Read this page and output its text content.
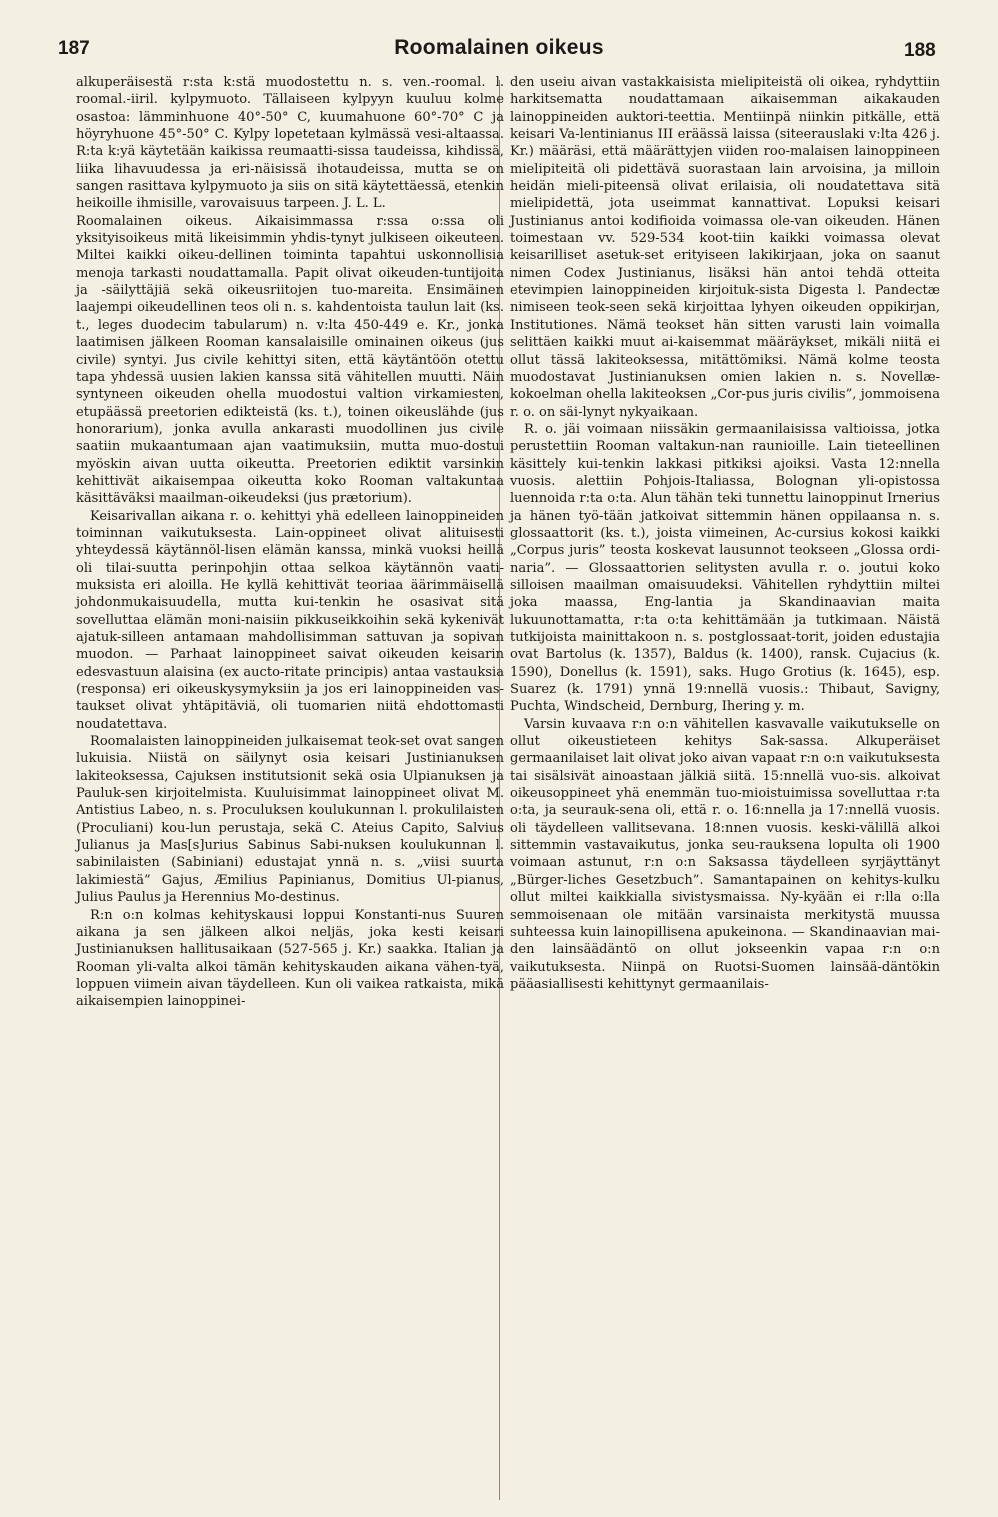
187	Roomalainen oikeus	188

alkuperäisestä r:sta k:stä muodostettu n. s. ven.-roomal. l. roomal.-iiril. kylpymuoto. Tällaiseen kylpyyn kuuluu kolme osastoa: lämminhuone 40°-50° C, kuumahuone 60°-70° C ja höyryhuone 45°-50° C. Kylpy lopetetaan kylmässä vesi-altaassa. R:ta k:yä käytetään kaikissa reumaatti-sissa taudeissa, kihdissä, liika lihavuudessa ja eri-näisissä ihotaudeissa, mutta se on sangen rasittava kylpymuoto ja siis on sitä käytettäessä, etenkin heikoille ihmisille, varovaisuus tarpeen. J. L. L.

Roomalainen oikeus. Aikaisimmassa r:ssa o:ssa oli yksityisoikeus mitä likeisimmin yhdis-tynyt julkiseen oikeuteen. Miltei kaikki oikeu-dellinen toiminta tapahtui uskonnollisia menoja tarkasti noudattamalla. Papit olivat oikeuden-tuntijoita ja -säilyttäjiä sekä oikeusriitojen tuo-mareita. Ensimäinen laajempi oikeudellinen teos oli n. s. kahdentoista taulun lait (ks. t., leges duodecim tabularum) n. v:lta 450-449 e. Kr., jonka laatimisen jälkeen Rooman kansalaisille ominainen oikeus (jus civile) syntyi. Jus civile kehittyi siten, että käytäntöön otettu tapa yhdessä uusien lakien kanssa sitä vähitellen muutti. Näin syntyneen oikeuden ohella muodostui valtion virkamiesten, etupäässä preetorien edikteistä (ks. t.), toinen oikeuslähde (jus honorarium), jonka avulla ankarasti muodollinen jus civile saatiin mukaantumaan ajan vaatimuksiin, mutta muo-dostui myöskin aivan uutta oikeutta. Preetorien ediktit varsinkin kehittivät aikaisempaa oikeutta koko Rooman valtakuntaa käsittäväksi maailman-oikeudeksi (jus prætorium).

Keisarivallan aikana r. o. kehittyi yhä edelleen lainoppineiden toiminnan vaikutuksesta. Lain-oppineet olivat alituisesti yhteydessä käytännöl-lisen elämän kanssa, minkä vuoksi heillä oli tilai-suutta perinpohjin ottaa selkoa käytännön vaati-muksista eri aloilla. He kyllä kehittivät teoriaa äärimmäisellä johdonmukaisuudella, mutta kui-tenkin he osasivat sitä sovelluttaa elämän moni-naisiin pikkuseikkoihin sekä kykenivät ajatuk-silleen antamaan mahdollisimman sattuvan ja sopivan muodon. — Parhaat lainoppineet saivat oikeuden keisarin edesvastuun alaisina (ex aucto-ritate principis) antaa vastauksia (responsa) eri oikeuskysymyksiin ja jos eri lainoppineiden vas-taukset olivat yhtäpitäviä, oli tuomarien niitä ehdottomasti noudatettava.

Roomalaisten lainoppineiden julkaisemat teok-set ovat sangen lukuisia. Niistä on säilynyt osia keisari Justinianuksen lakiteoksessa, Cajuksen institutsionit sekä osia Ulpianuksen ja Pauluk-sen kirjoitelmista. Kuuluisimmat lainoppineet olivat M. Antistius Labeo, n. s. Proculuksen koulukunnan l. prokulilaisten (Proculiani) kou-lun perustaja, sekä C. Ateius Capito, Salvius Julianus ja Mas[s]urius Sabinus Sabi-nuksen koulukunnan l. sabinilaisten (Sabiniani) edustajat ynnä n. s. „viisi suurta lakimiestä” Gajus, Æmilius Papinianus, Domitius Ul-pianus, Julius Paulus ja Herennius Mo-destinus.

R:n o:n kolmas kehityskausi loppui Konstanti-nus Suuren aikana ja sen jälkeen alkoi neljäs, joka kesti keisari Justinianuksen hallitusaikaan (527-565 j. Kr.) saakka. Italian ja Rooman yli-valta alkoi tämän kehityskauden aikana vähen-tyä, loppuen viimein aivan täydelleen. Kun oli vaikea ratkaista, mikä aikaisempien lainoppinei-

den useiu aivan vastakkaisista mielipiteistä oli oikea, ryhdyttiin harkitsematta noudattamaan aikaisemman aikakauden lainoppineiden auktori-teettia. Mentiinpä niinkin pitkälle, että keisari Va-lentinianus III eräässä laissa (siteerauslaki v:lta 426 j. Kr.) määräsi, että määrättyjen viiden roo-malaisen lainoppineen mielipiteitä oli pidettävä suorastaan lain arvoisina, ja milloin heidän mieli-piteensä olivat erilaisia, oli noudatettava sitä mielipidettä, jota useimmat kannattivat. Lopuksi keisari Justinianus antoi kodifioida voimassa ole-van oikeuden. Hänen toimestaan vv. 529-534 koot-tiin kaikki voimassa olevat keisarilliset asetuk-set erityiseen lakikirjaan, joka on saanut nimen Codex Justinianus, lisäksi hän antoi tehdä otteita etevimpien lainoppineiden kirjoituk-sista Digesta l. Pandectæ nimiseen teok-seen sekä kirjoittaa lyhyen oikeuden oppikirjan, Institutiones. Nämä teokset hän sitten varusti lain voimalla selittäen kaikki muut ai-kaisemmat määräykset, mikäli niitä ei ollut tässä lakiteoksessa, mitättömiksi. Nämä kolme teosta muodostavat Justinianuksen omien lakien n. s. Novellæ-kokoelman ohella lakiteoksen „Cor-pus juris civilis”, jommoisena r. o. on säi-lynyt nykyaikaan.

R. o. jäi voimaan niissäkin germaanilaisissa valtioissa, jotka perustettiin Rooman valtakun-nan raunioille. Lain tieteellinen käsittely kui-tenkin lakkasi pitkiksi ajoiksi. Vasta 12:nnella vuosis. alettiin Pohjois-Italiassa, Bolognan yli-opistossa luennoida r:ta o:ta. Alun tähän teki tunnettu lainoppinut Irnerius ja hänen työ-tään jatkoivat sittemmin hänen oppilaansa n. s. glossaattorit (ks. t.), joista viimeinen, Ac-cursius kokosi kaikki „Corpus juris” teosta koskevat lausunnot teokseen „Glossa ordi-naria”. — Glossaattorien selitysten avulla r. o. joutui koko silloisen maailman omaisuudeksi. Vähitellen ryhdyttiin miltei joka maassa, Eng-lantia ja Skandinaavian maita lukuunottamatta, r:ta o:ta kehittämään ja tutkimaan. Näistä tutkijoista mainittakoon n. s. postglossaat-torit, joiden edustajia ovat Bartolus (k. 1357), Baldus (k. 1400), ransk. Cujacius (k. 1590), Donellus (k. 1591), saks. Hugo Grotius (k. 1645), esp. Suarez (k. 1791) ynnä 19:nnellä vuosis.: Thibaut, Savigny, Puchta, Windscheid, Dernburg, Ihering y. m.

Varsin kuvaava r:n o:n vähitellen kasvavalle vaikutukselle on ollut oikeustieteen kehitys Sak-sassa. Alkuperäiset germaanilaiset lait olivat joko aivan vapaat r:n o:n vaikutuksesta tai sisälsivät ainoastaan jälkiä siitä. 15:nnellä vuo-sis. alkoivat oikeusoppineet yhä enemmän tuo-mioistuimissa sovelluttaa r:ta o:ta, ja seurauk-sena oli, että r. o. 16:nnella ja 17:nnellä vuosis. oli täydelleen vallitsevana. 18:nnen vuosis. keski-välillä alkoi sittemmin vastavaikutus, jonka seu-rauksena lopulta oli 1900 voimaan astunut, r:n o:n Saksassa täydelleen syrjäyttänyt „Bürger-liches Gesetzbuch”. Samantapainen on kehitys-kulku ollut miltei kaikkialla sivistysmaissa. Ny-kyään ei r:lla o:lla semmoisenaan ole mitään varsinaista merkitystä muussa suhteessa kuin lainopillisena apukeinona. — Skandinaavian mai-den lainsäädäntö on ollut jokseenkin vapaa r:n o:n vaikutuksesta. Niinpä on Ruotsi-Suomen lainsää-däntökin pääasiallisesti kehittynyt germaanilais-
